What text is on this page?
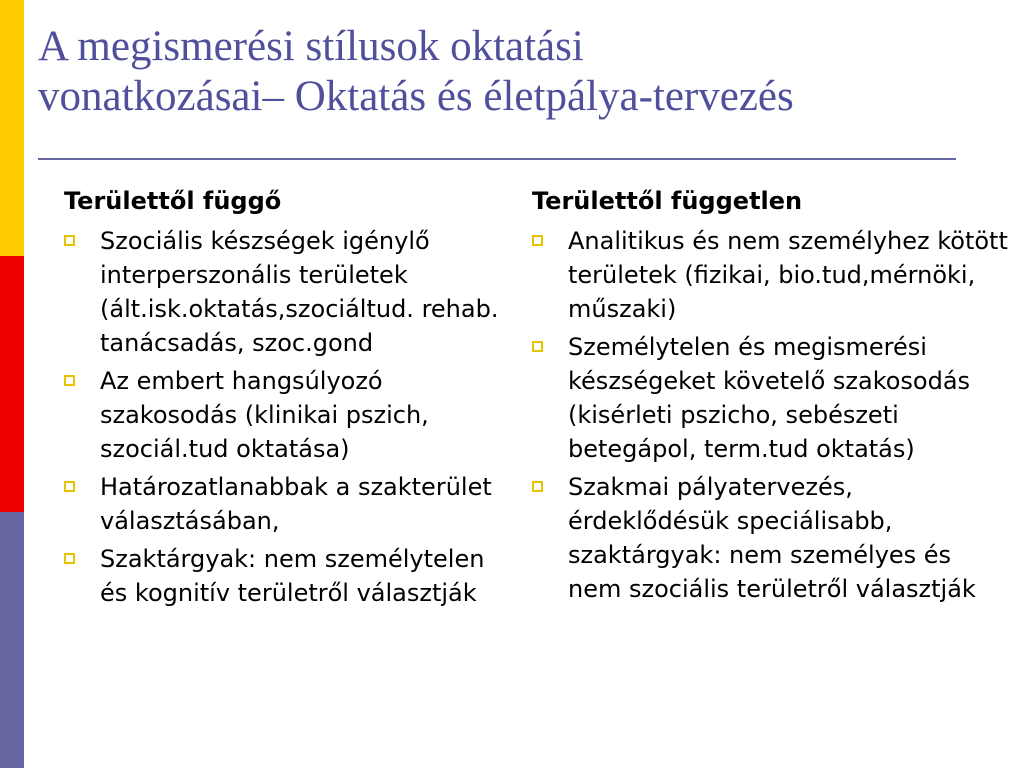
A megismerési stílusok oktatási
vonatkozásai– Oktatás és életpálya-tervezés
Területtől függő
Szociális készségek igénylő interperszonális területek (ált.isk.oktatás,szociáltud. rehab. tanácsadás, szoc.gond
Az embert hangsúlyozó szakosodás (klinikai pszich, szociál.tud oktatása)
Határozatlanabbak a szakterület választásában,
Szaktárgyak: nem személytelen és kognitív területről választják
Területtől független
Analitikus és nem személyhez kötött területek (fizikai, bio.tud,mérnöki, műszaki)
Személytelen és megismerési készségeket követelő szakosodás (kisérleti pszicho, sebészeti betegápol, term.tud oktatás)
Szakmai pályatervezés, érdeklődésük speciálisabb, szaktárgyak: nem személyes és nem szociális területről választják
